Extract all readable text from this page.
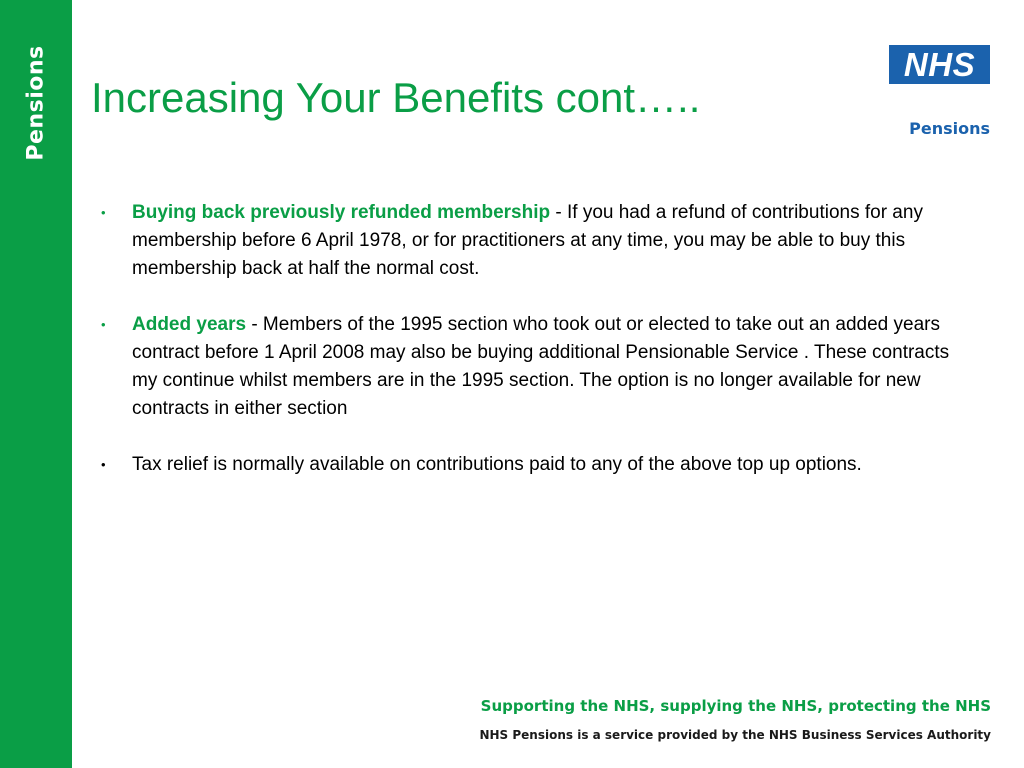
Pensions Increasing Your Benefits cont…..
NHS
Pensions
• Buying back previously refunded membership - If you had a refund of contributions for any membership before 6 April 1978, or for practitioners at any time, you may be able to buy this membership back at half the normal cost.
• Added years - Members of the 1995 section who took out or elected to take out an added years contract before 1 April 2008 may also be buying additional Pensionable Service . These contracts my continue whilst members are in the 1995 section. The option is no longer available for new contracts in either section
• Tax relief is normally available on contributions paid to any of the above top up options.

Supporting the NHS, supplying the NHS, protecting the NHS

NHS Pensions is a service provided by the NHS Business Services Authority
